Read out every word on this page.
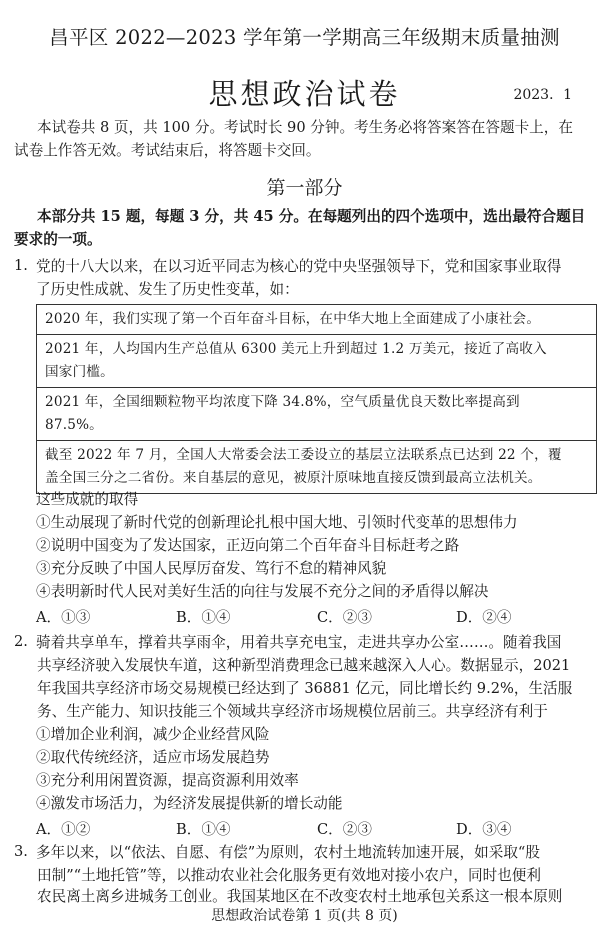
昌平区 2022—2023 学年第一学期高三年级期末质量抽测
思想政治试卷	2023．1
本试卷共 8 页，共 100 分。考试时长 90 分钟。考生务必将答案答在答题卡上，在
试卷上作答无效。考试结束后，将答题卡交回。
第一部分
本部分共 15 题，每题 3 分，共 45 分。在每题列出的四个选项中，选出最符合题目
要求的一项。
1. 党的十八大以来，在以习近平同志为核心的党中央坚强领导下，党和国家事业取得
了历史性成就、发生了历史性变革，如：
2020 年，我们实现了第一个百年奋斗目标，在中华大地上全面建成了小康社会。
2021 年，人均国内生产总值从 6300 美元上升到超过 1.2 万美元，接近了高收入
国家门槛。
2021 年，全国细颗粒物平均浓度下降 34.8%，空气质量优良天数比率提高到
87.5%。
截至 2022 年 7 月，全国人大常委会法工委设立的基层立法联系点已达到 22 个，覆
盖全国三分之二省份。来自基层的意见，被原汁原味地直接反馈到最高立法机关。
这些成就的取得
①生动展现了新时代党的创新理论扎根中国大地、引领时代变革的思想伟力
②说明中国变为了发达国家，正迈向第二个百年奋斗目标赶考之路
③充分反映了中国人民厚厉奋发、笃行不怠的精神风貌
④表明新时代人民对美好生活的向往与发展不充分之间的矛盾得以解决
A．①③	B．①④	C．②③	D．②④
2. 骑着共享单车，撑着共享雨伞，用着共享充电宝，走进共享办公室……。随着我国
共享经济驶入发展快车道，这种新型消费理念已越来越深入人心。数据显示，2021
年我国共享经济市场交易规模已经达到了 36881 亿元，同比增长约 9.2%，生活服
务、生产能力、知识技能三个领域共享经济市场规模位居前三。共享经济有利于
①增加企业利润，减少企业经营风险
②取代传统经济，适应市场发展趋势
③充分利用闲置资源，提高资源利用效率
④激发市场活力，为经济发展提供新的增长动能
A．①②	B．①④	C．②③	D．③④
3. 多年以来，以“依法、自愿、有偿”为原则，农村土地流转加速开展，如采取“股
田制”“土地托管”等，以推动农业社会化服务更有效地对接小农户，同时也便利
农民离土离乡进城务工创业。我国某地区在不改变农村土地承包关系这一根本原则
思想政治试卷第 1 页(共 8 页)
